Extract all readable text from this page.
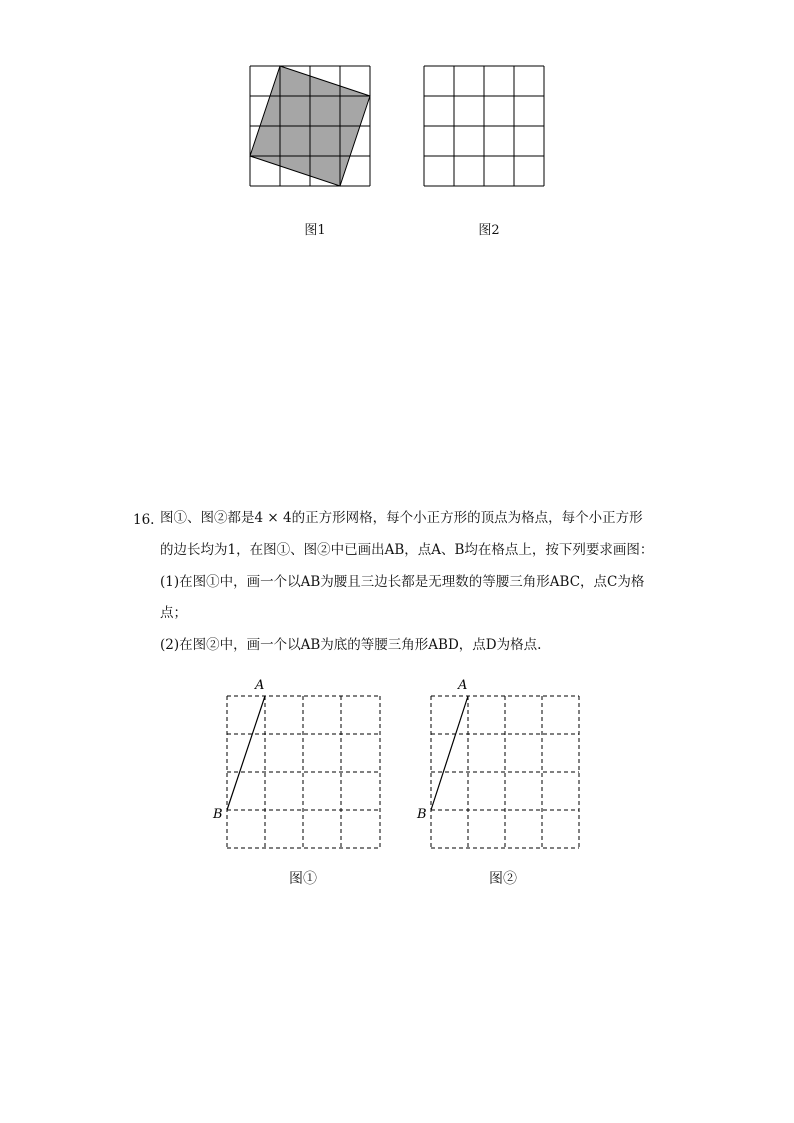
图1	图2
16. 图①、图②都是4 × 4的正方形网格，每个小正方形的顶点为格点，每个小正方形
的边长均为1，在图①、图②中已画出AB，点A、B均在格点上，按下列要求画图：
(1)在图①中，画一个以AB为腰且三边长都是无理数的等腰三角形ABC，点C为格
点；
(2)在图②中，画一个以AB为底的等腰三角形ABD，点D为格点.
A
B
图①
A
B
图②
